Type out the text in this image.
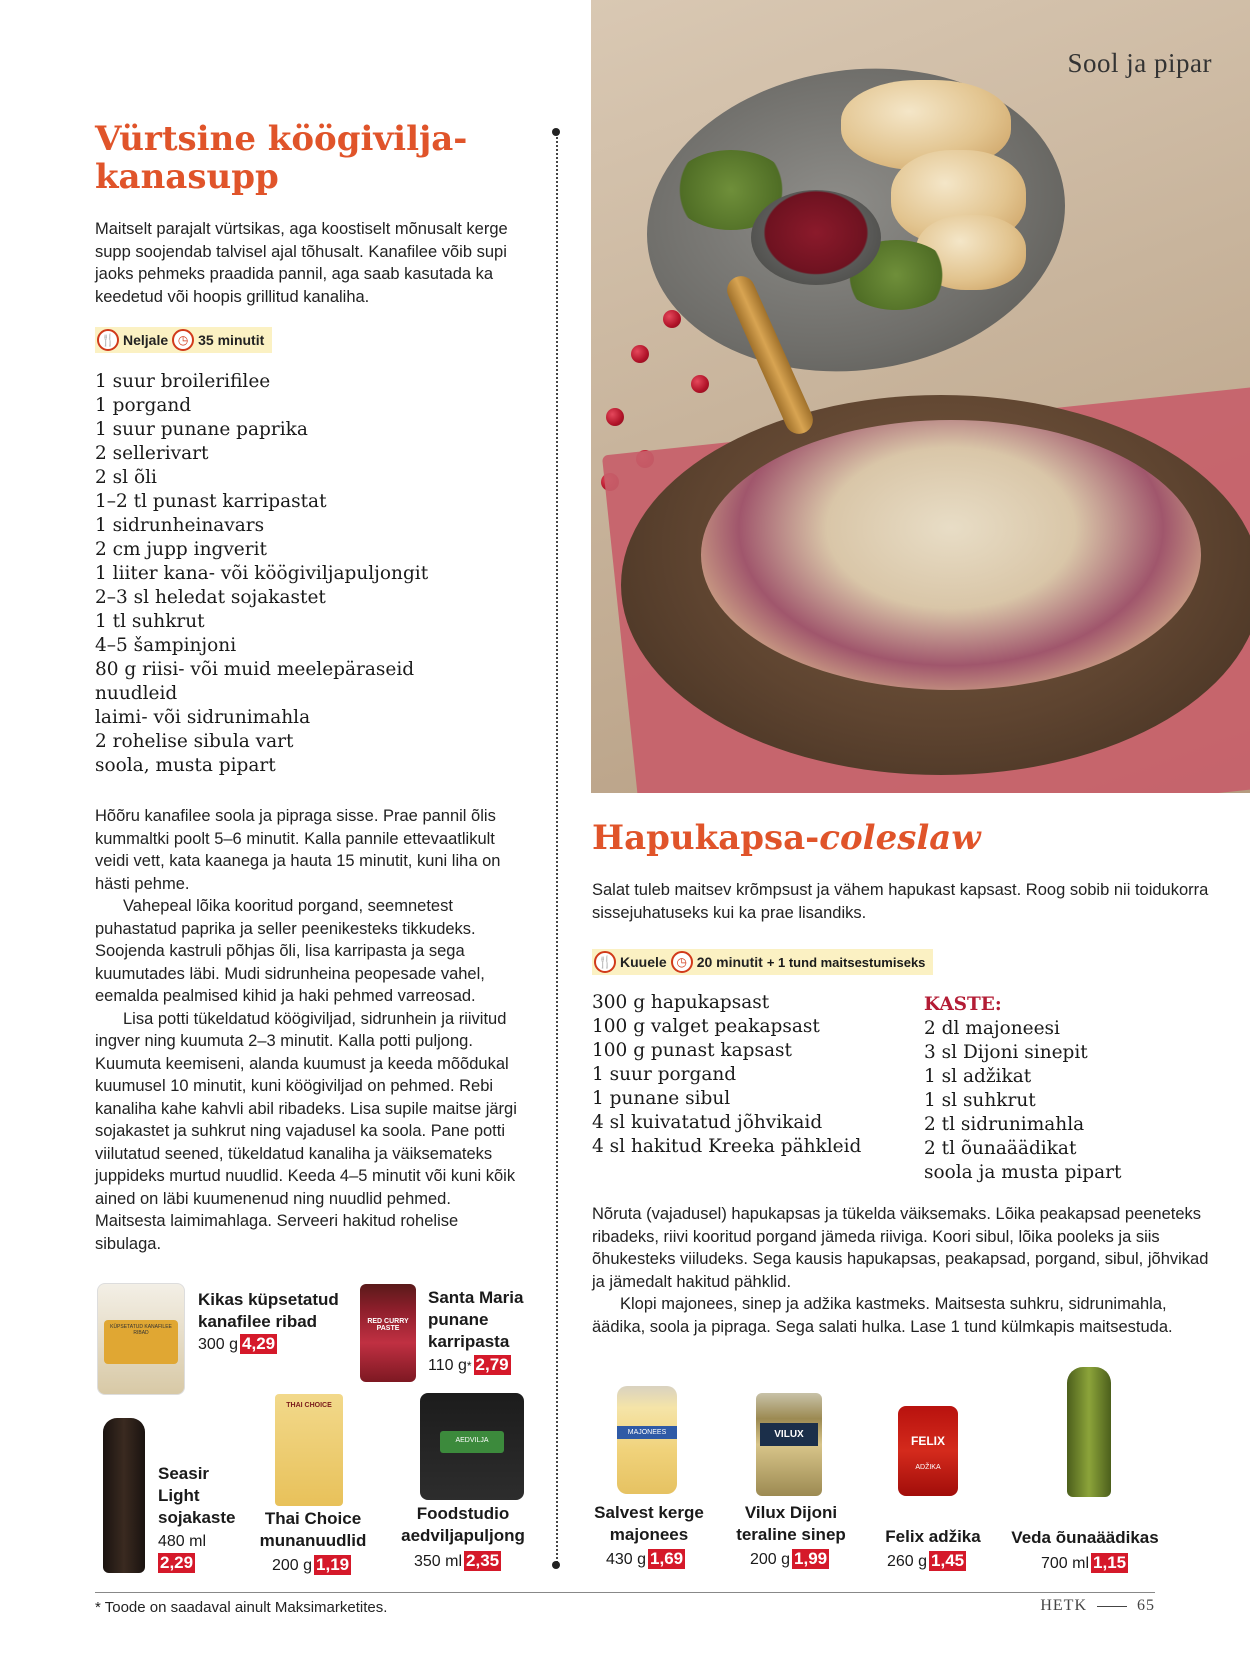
Sool ja pipar
Vürtsine köögivilja-
kanasupp

Maitselt parajalt vürtsikas, aga koostiselt mõnusalt kerge supp soojendab talvisel ajal tõhusalt. Kanafilee võib supi jaoks pehmeks praadida pannil, aga saab kasutada ka keedetud või hoopis grillitud kanaliha.

🍴 Neljale ◷ 35 minutit
1 suur broilerifilee
1 porgand
1 suur punane paprika
2 sellerivart
2 sl õli
1–2 tl punast karripastat
1 sidrunheinavars
2 cm jupp ingverit
1 liiter kana- või köögiviljapuljongit
2–3 sl heledat sojakastet
1 tl suhkrut
4–5 šampinjoni
80 g riisi- või muid meelepäraseid
nuudleid
laimi- või sidrunimahla
2 rohelise sibula vart
soola, musta pipart

Hõõru kanafilee soola ja pipraga sisse. Prae pannil õlis kummaltki poolt 5–6 minutit. Kalla pannile ettevaatlikult veidi vett, kata kaanega ja hauta 15 minutit, kuni liha on hästi pehme.

Vahepeal lõika kooritud porgand, seemnetest puhastatud paprika ja seller peenikesteks tikkudeks. Soojenda kastruli põhjas õli, lisa karripasta ja sega kuumutades läbi. Mudi sidrunheina peopesade vahel, eemalda pealmised kihid ja haki pehmed varreosad.

Lisa potti tükeldatud köögiviljad, sidrunhein ja riivitud ingver ning kuumuta 2–3 minutit. Kalla potti puljong. Kuumuta keemiseni, alanda kuumust ja keeda mõõdukal kuumusel 10 minutit, kuni köögiviljad on pehmed. Rebi kanaliha kahe kahvli abil ribadeks. Lisa supile maitse järgi sojakastet ja suhkrut ning vajadusel ka soola. Pane potti viilutatud seened, tükeldatud kanaliha ja väiksemateks juppideks murtud nuudlid. Keeda 4–5 minutit või kuni kõik ained on läbi kuumenenud ning nuudlid pehmed. Maitsesta laimimahlaga. Serveeri hakitud rohelise sibulaga.

Hapukapsa-coleslaw

Salat tuleb maitsev krõmpsust ja vähem hapukast kapsast. Roog sobib nii toidukorra sissejuhatuseks kui ka prae lisandiks.

🍴 Kuuele ◷ 20 minutit + 1 tund maitsestumiseks
300 g hapukapsast
100 g valget peakapsast
100 g punast kapsast
1 suur porgand
1 punane sibul
4 sl kuivatatud jõhvikaid
4 sl hakitud Kreeka pähkleid
KASTE:
2 dl majoneesi
3 sl Dijoni sinepit
1 sl adžikat
1 sl suhkrut
2 tl sidrunimahla
2 tl õunaäädikat
soola ja musta pipart

Nõruta (vajadusel) hapukapsas ja tükelda väiksemaks. Lõika peakapsad peeneteks ribadeks, riivi kooritud porgand jämeda riiviga. Koori sibul, lõika pooleks ja siis õhukesteks viiludeks. Sega kausis hapukapsas, peakapsad, porgand, sibul, jõhvikad ja jämedalt hakitud pähklid.

Klopi majonees, sinep ja adžika kastmeks. Maitsesta suhkru, sidrunimahla, äädika, soola ja pipraga. Sega salati hulka. Lase 1 tund külmkapis maitsestuda.

KÜPSETATUD KANAFILEE RIBAD
Kikas küpsetatud kanafilee ribad
300 g 4,29
RED CURRY PASTE
Santa Maria punane karripasta
110 g* 2,79
Seasir Light sojakaste
480 ml
2,29
THAI CHOICE
Thai Choice munanuudlid
200 g 1,19
AEDVILJA
Foodstudio aedviljapuljong
350 ml 2,35
MAJONEES
Salvest kerge majonees
430 g 1,69
VILUX
Vilux Dijoni teraline sinep
200 g 1,99
FELIX
ADŽIKA
Felix adžika
260 g 1,45
Veda õunaäädikas
700 ml 1,15
* Toode on saadaval ainult Maksimarketites.	HETK	65
